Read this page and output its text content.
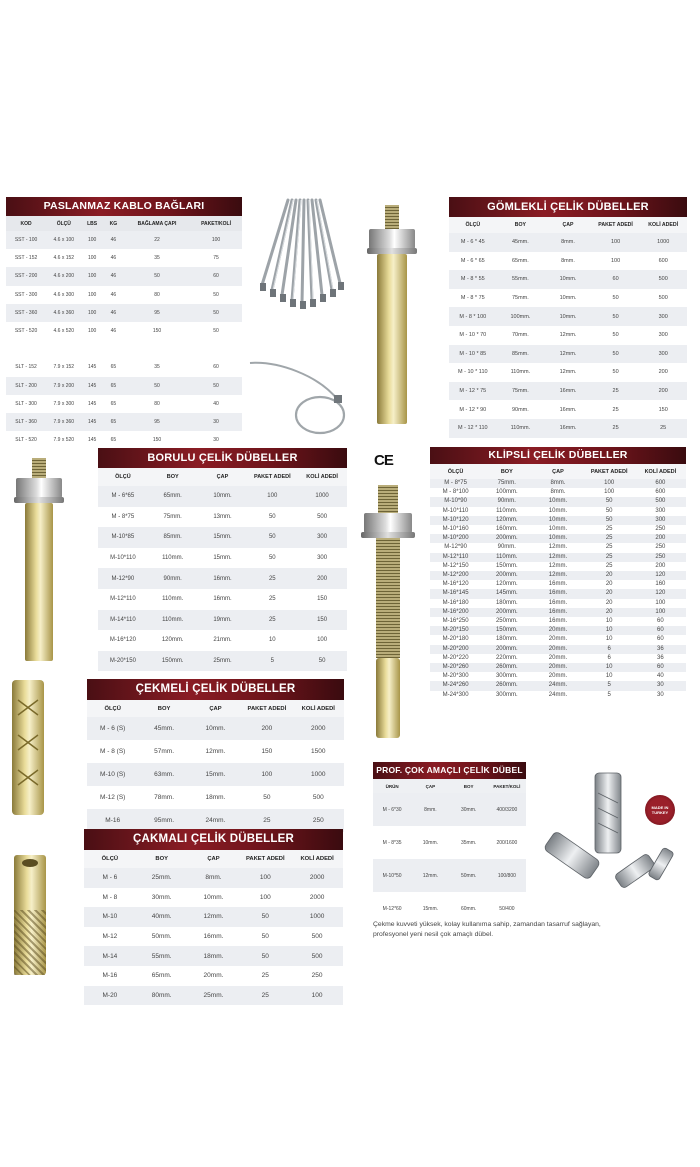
PASLANMAZ KABLO BAĞLARI
KOD	ÖLÇÜ	LBS	KG	BAĞLAMA ÇAPI	PAKET/KOLİ
SST - 100	4.6 x 100	100	46	22	100
SST - 152	4.6 x 152	100	46	35	75
SST - 200	4.6 x 200	100	46	50	60
SST - 300	4.6 x 300	100	46	80	50
SST - 360	4.6 x 360	100	46	95	50
SST - 520	4.6 x 520	100	46	150	50

SLT - 152	7.9 x 152	145	65	35	60
SLT - 200	7.9 x 200	145	65	50	50
SLT - 300	7.9 x 300	145	65	80	40
SLT - 360	7.9 x 360	145	65	95	30
SLT - 520	7.9 x 520	145	65	150	30
GÖMLEKLİ ÇELİK DÜBELLER
ÖLÇÜ	BOY	ÇAP	PAKET ADEDİ	KOLİ ADEDİ
M - 6 * 45	45mm.	8mm.	100	1000
M - 6 * 65	65mm.	8mm.	100	600
M - 8 * 55	55mm.	10mm.	60	500
M - 8 * 75	75mm.	10mm.	50	500
M - 8 * 100	100mm.	10mm.	50	300
M - 10 * 70	70mm.	12mm.	50	300
M - 10 * 85	85mm.	12mm.	50	300
M - 10 * 110	110mm.	12mm.	50	200
M - 12 * 75	75mm.	16mm.	25	200
M - 12 * 90	90mm.	16mm.	25	150
M - 12 * 110	110mm.	16mm.	25	25
BORULU ÇELİK DÜBELLER
ÖLÇÜ	BOY	ÇAP	PAKET ADEDİ	KOLİ ADEDİ
M - 6*65	65mm.	10mm.	100	1000
M - 8*75	75mm.	13mm.	50	500
M-10*85	85mm.	15mm.	50	300
M-10*110	110mm.	15mm.	50	300
M-12*90	90mm.	16mm.	25	200
M-12*110	110mm.	16mm.	25	150
M-14*110	110mm.	19mm.	25	150
M-16*120	120mm.	21mm.	10	100
M-20*150	150mm.	25mm.	5	50
KLİPSLİ ÇELİK DÜBELLER
ÖLÇÜ	BOY	ÇAP	PAKET ADEDİ	KOLİ ADEDİ
M - 8*75	75mm.	8mm.	100	600
M - 8*100	100mm.	8mm.	100	600
M-10*90	90mm.	10mm.	50	500
M-10*110	110mm.	10mm.	50	300
M-10*120	120mm.	10mm.	50	300
M-10*160	160mm.	10mm.	25	250
M-10*200	200mm.	10mm.	25	200
M-12*90	90mm.	12mm.	25	250
M-12*110	110mm.	12mm.	25	250
M-12*150	150mm.	12mm.	25	200
M-12*200	200mm.	12mm.	20	120
M-16*120	120mm.	16mm.	20	160
M-16*145	145mm.	16mm.	20	120
M-16*180	180mm.	16mm.	20	100
M-16*200	200mm.	16mm.	20	100
M-16*250	250mm.	16mm.	10	60
M-20*150	150mm.	20mm.	10	60
M-20*180	180mm.	20mm.	10	60
M-20*200	200mm.	20mm.	6	36
M-20*220	220mm.	20mm.	6	36
M-20*260	260mm.	20mm.	10	60
M-20*300	300mm.	20mm.	10	40
M-24*260	260mm.	24mm.	5	30
M-24*300	300mm.	24mm.	5	30
ÇEKMELİ ÇELİK DÜBELLER
ÖLÇÜ	BOY	ÇAP	PAKET ADEDİ	KOLİ ADEDİ
M - 6 (S)	45mm.	10mm.	200	2000
M - 8 (S)	57mm.	12mm.	150	1500
M-10 (S)	63mm.	15mm.	100	1000
M-12 (S)	78mm.	18mm.	50	500
M-16	95mm.	24mm.	25	250
PROF. ÇOK AMAÇLI ÇELİK DÜBEL
ÜRÜN	ÇAP	BOY	PAKET/KOLİ
M - 6*30	8mm.	30mm.	400/3200
M - 8*35	10mm.	35mm.	200/1600
M-10*50	12mm.	50mm.	100/800
M-12*60	15mm.	60mm.	50/400
Çekme kuvveti yüksek, kolay kullanıma sahip, zamandan tasarruf sağlayan,
profesyonel yeni nesil çok amaçlı dübel.
ÇAKMALI ÇELİK DÜBELLER
ÖLÇÜ	BOY	ÇAP	PAKET ADEDİ	KOLİ ADEDİ
M - 6	25mm.	8mm.	100	2000
M - 8	30mm.	10mm.	100	2000
M-10	40mm.	12mm.	50	1000
M-12	50mm.	16mm.	50	500
M-14	55mm.	18mm.	50	500
M-16	65mm.	20mm.	25	250
M-20	80mm.	25mm.	25	100
CE
MADE IN TURKEY
